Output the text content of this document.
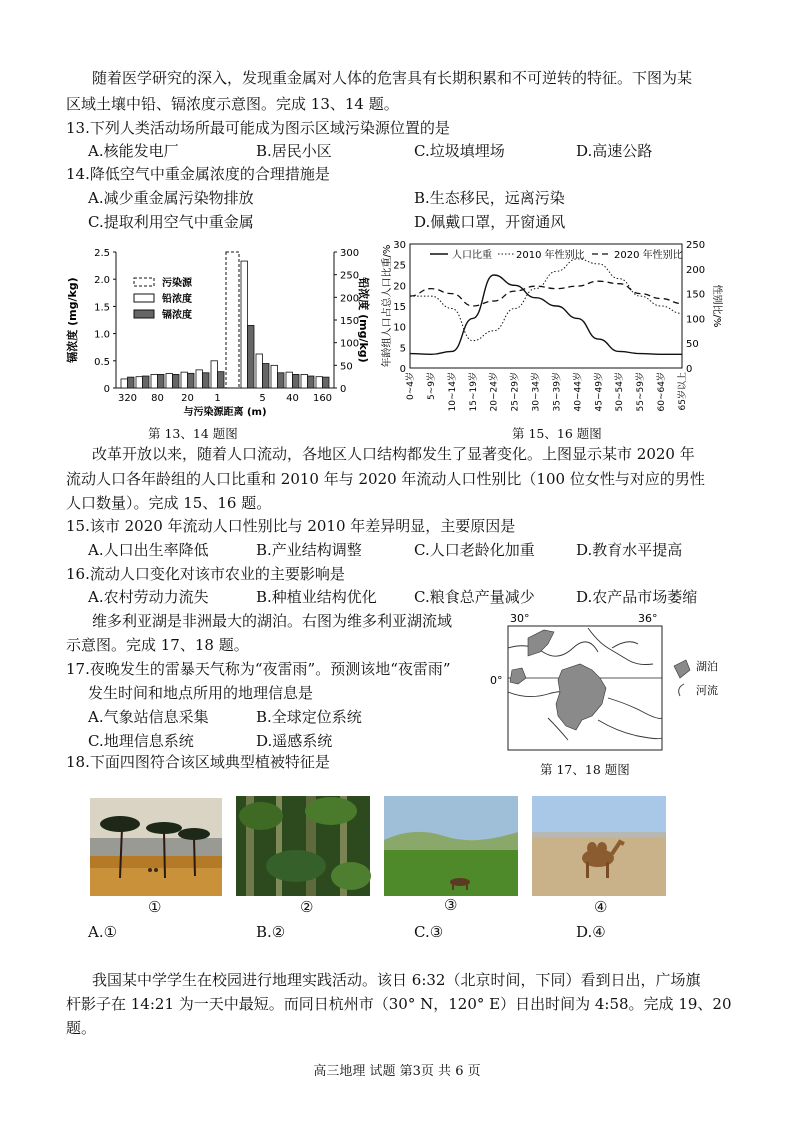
随着医学研究的深入，发现重金属对人体的危害具有长期积累和不可逆转的特征。下图为某
区域土壤中铅、镉浓度示意图。完成 13、14 题。
13.下列人类活动场所最可能成为图示区域污染源位置的是
A.核能发电厂	B.居民小区	C.垃圾填埋场	D.高速公路
14.降低空气中重金属浓度的合理措施是
A.减少重金属污染物排放	B.生态移民，远离污染
C.提取利用空气中重金属	D.佩戴口罩，开窗通风
0
0.5
1.0
1.5
2.0
2.5
0
50
100
150
200
250
300
320 80 20 1	5 40 160
与污染源距离 (m)
镉浓度 (mg/kg)	铅浓度 (mg/kg)
污染源
铅浓度
镉浓度
第 13、14 题图
0
5
10
15
20
25
30
0
50
100
150
200
250
0~4岁 5~9岁 10~14岁 15~19岁 20~24岁 25~29岁 30~34岁 35~39岁 40~44岁 45~49岁 50~54岁 55~59岁 60~64岁 65岁以上
年龄组人口占总人口比重/%	性别比/%
人口比重 2010 年性别比	2020 年性别比
第 15、16 题图
改革开放以来，随着人口流动，各地区人口结构都发生了显著变化。上图显示某市 2020 年
流动人口各年龄组的人口比重和 2010 年与 2020 年流动人口性别比（100 位女性与对应的男性
人口数量）。完成 15、16 题。
15.该市 2020 年流动人口性别比与 2010 年差异明显，主要原因是
A.人口出生率降低	B.产业结构调整	C.人口老龄化加重	D.教育水平提高
16.流动人口变化对该市农业的主要影响是
A.农村劳动力流失	B.种植业结构优化 C.粮食总产量减少	D.农产品市场萎缩
维多利亚湖是非洲最大的湖泊。右图为维多利亚湖流域
示意图。完成 17、18 题。
17.夜晚发生的雷暴天气称为“夜雷雨”。预测该地“夜雷雨”
发生时间和地点所用的地理信息是
A.气象站信息采集	B.全球定位系统
C.地理信息系统	D.遥感系统
30°	36°
0°
湖泊
河流
第 17、18 题图
18.下面四图符合该区域典型植被特征是
①	②	③	④
A.①	B.②	C.③	D.④
我国某中学学生在校园进行地理实践活动。该日 6:32（北京时间，下同）看到日出，广场旗
杆影子在 14:21 为一天中最短。而同日杭州市（30° N，120° E）日出时间为 4:58。完成 19、20
题。
高三地理 试题 第3页 共 6 页
